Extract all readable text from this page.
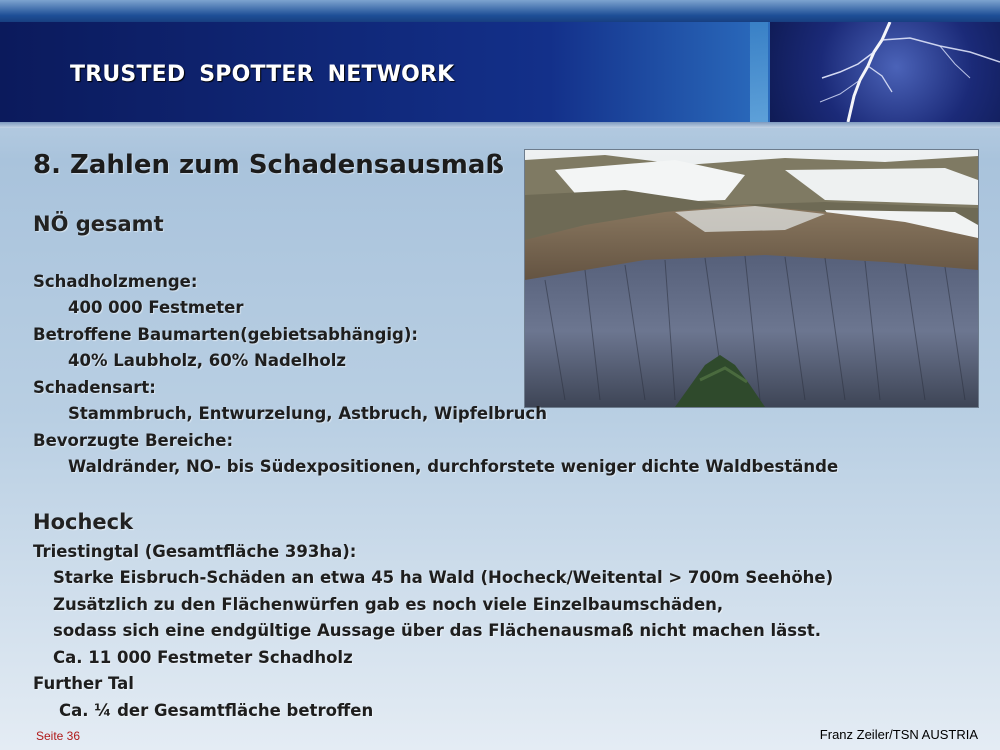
TRUSTED SPOTTER NETWORK
8. Zahlen zum Schadensausmaß
NÖ gesamt
Schadholzmenge:
400 000 Festmeter
Betroffene Baumarten(gebietsabhängig):
40% Laubholz, 60% Nadelholz
Schadensart:
Stammbruch, Entwurzelung, Astbruch, Wipfelbruch
Bevorzugte Bereiche:
Waldränder, NO- bis Südexpositionen, durchforstete weniger dichte Waldbestände
Hocheck
Triestingtal (Gesamtfläche 393ha):
Starke Eisbruch-Schäden an etwa 45 ha Wald (Hocheck/Weitental > 700m Seehöhe)
Zusätzlich zu den Flächenwürfen gab es noch viele Einzelbaumschäden,
sodass sich eine endgültige Aussage über das Flächenausmaß nicht machen lässt.
Ca. 11 000 Festmeter Schadholz
Further Tal
Ca. ¼ der Gesamtfläche betroffen
Seite 36	Franz Zeiler/TSN AUSTRIA
